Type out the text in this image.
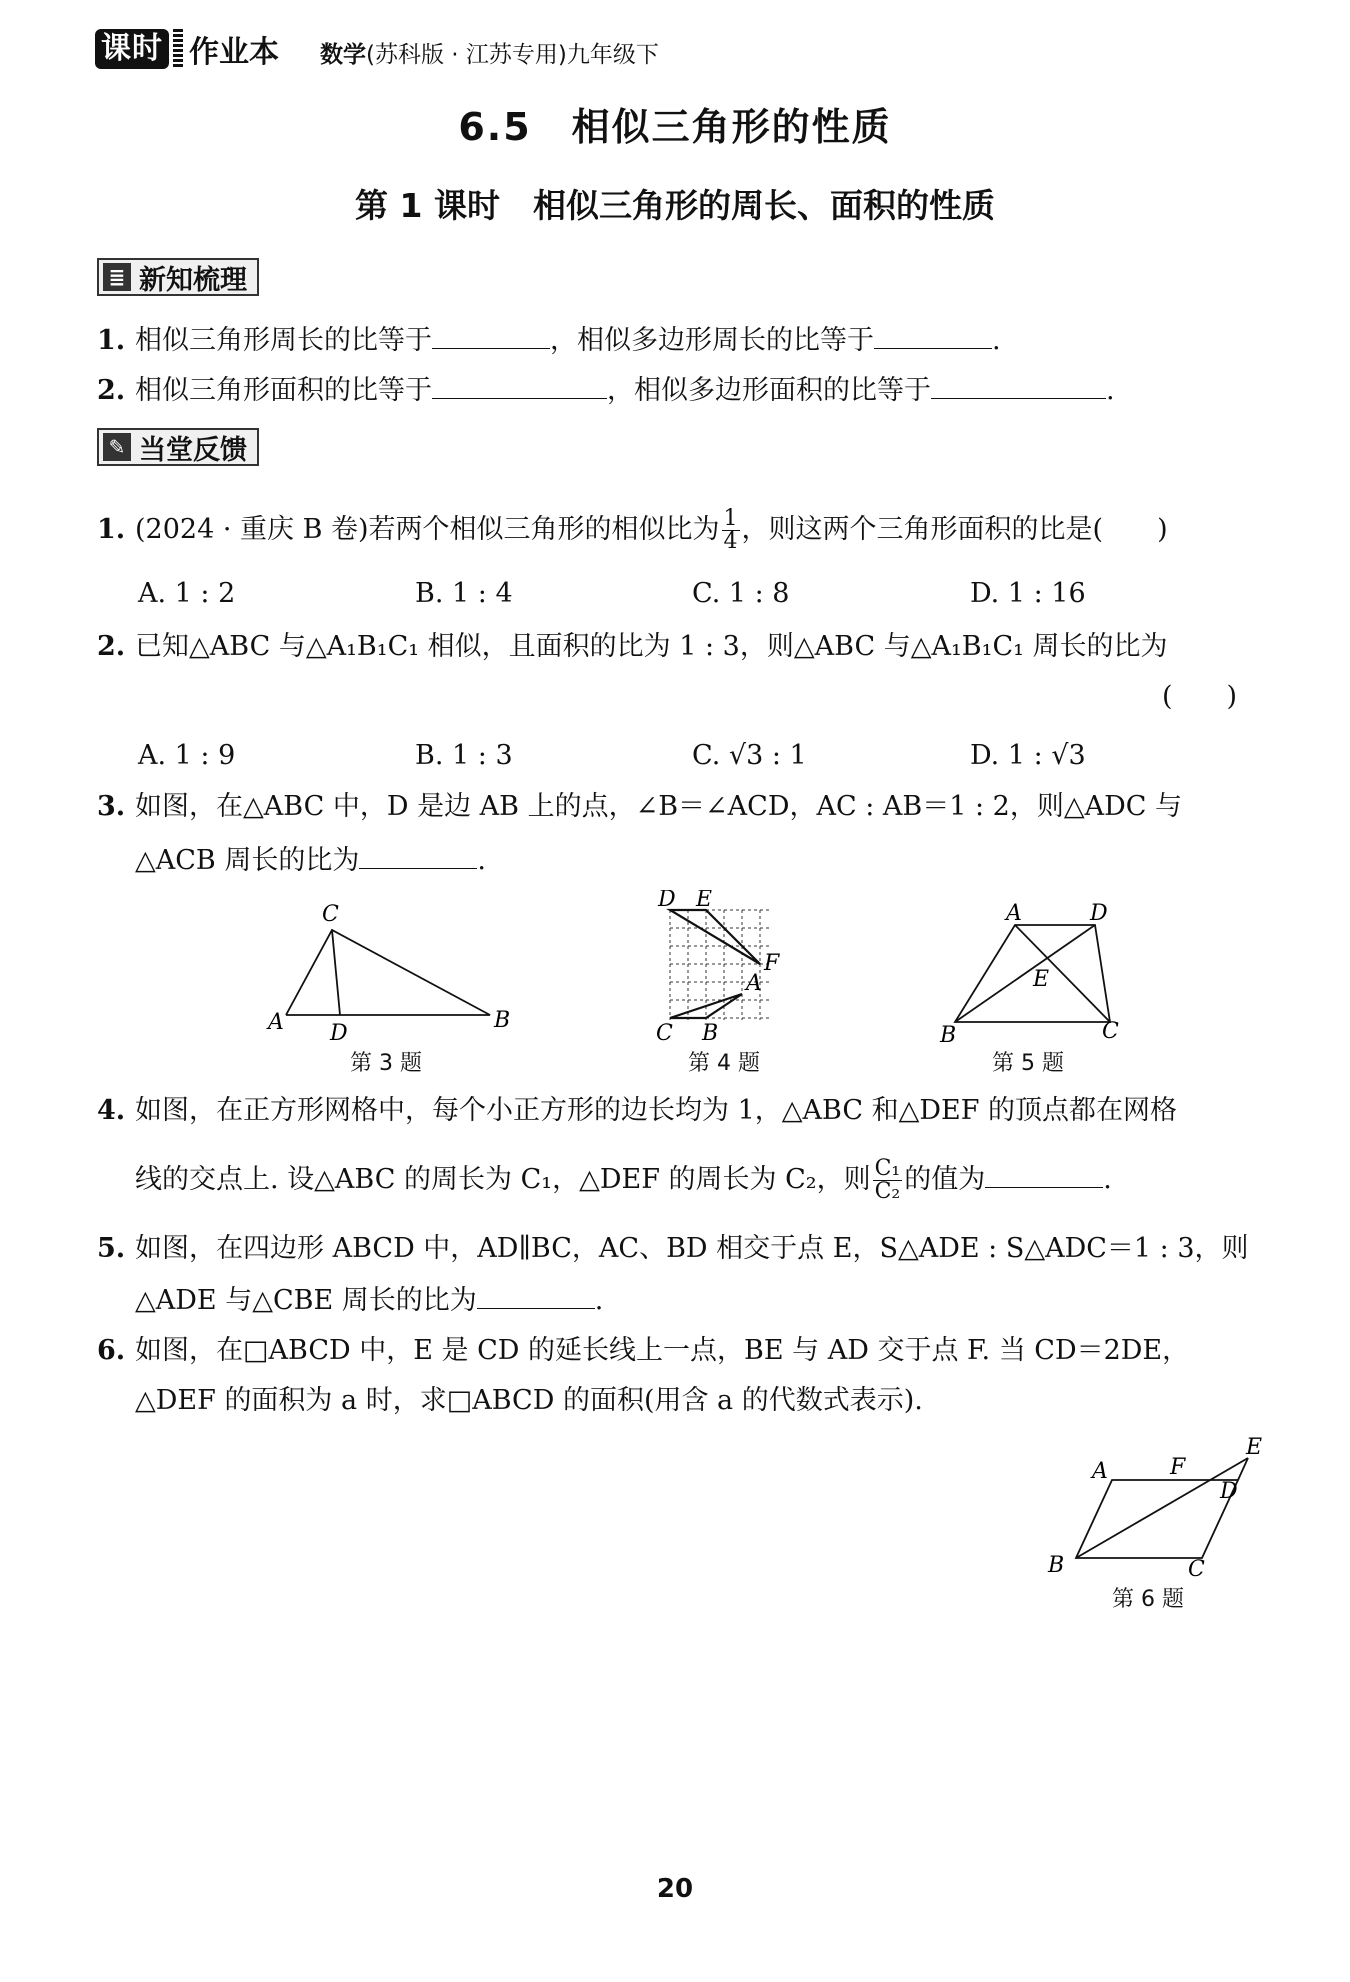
课时 作业本 数学(苏科版 · 江苏专用)九年级下
6.5　相似三角形的性质
第 1 课时　相似三角形的周长、面积的性质
≣ 新知梳理
1. 相似三角形周长的比等于	，相似多边形周长的比等于	.
2. 相似三角形面积的比等于	，相似多边形面积的比等于	.
✎ 当堂反馈
1. (2024 · 重庆 B 卷)若两个相似三角形的相似比为 $\frac{1}{4}$ ，则这两个三角形面积的比是(　　)
A. 1 : 2	B. 1 : 4	C. 1 : 8	D. 1 : 16
2. 已知△ABC 与△A₁B₁C₁ 相似，且面积的比为 1 : 3，则△ABC 与△A₁B₁C₁ 周长的比为
(　　)
A. 1 : 9	B. 1 : 3	C. √3 : 1	D. 1 : √3
3. 如图，在△ABC 中，D 是边 AB 上的点，∠B＝∠ACD，AC : AB＝1 : 2，则△ADC 与
△ACB 周长的比为	.
C
A D
B
第 3 题
D E
F
A
C B
第 4 题
A	D
E
B	C
第 5 题
4. 如图，在正方形网格中，每个小正方形的边长均为 1，△ABC 和△DEF 的顶点都在网格
线的交点上. 设△ABC 的周长为 C₁，△DEF 的周长为 C₂，则 $\frac{\text{C₁}}{\text{C₂}}$ 的值为	.
5. 如图，在四边形 ABCD 中，AD∥BC，AC、BD 相交于点 E，S△ADE : S△ADC＝1 : 3，则
△ADE 与△CBE 周长的比为	.
6. 如图，在□ABCD 中，E 是 CD 的延长线上一点，BE 与 AD 交于点 F. 当 CD＝2DE，
△DEF 的面积为 a 时，求□ABCD 的面积(用含 a 的代数式表示).
E
A	F
D
B	C
第 6 题
20
